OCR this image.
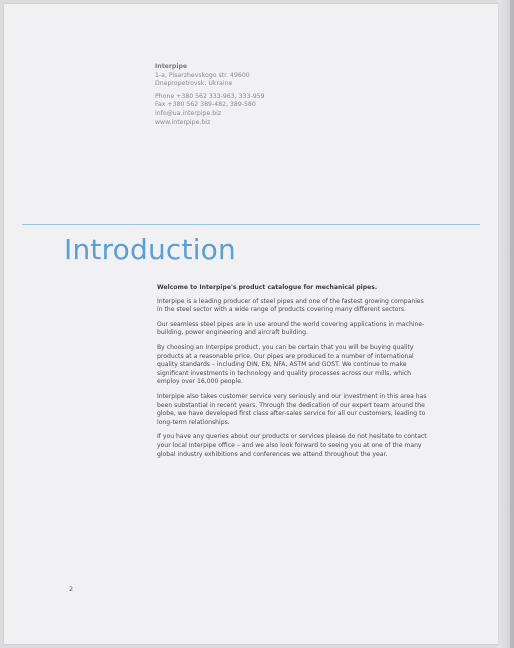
Interpipe
1-a, Pisarzhevskogo str. 49600
Dnepropetrovsk, Ukraine
Phone +380 562 333-963, 333-959
Fax +380 562 389-482, 389-580
info@ua.interpipe.biz
www.interpipe.biz
Introduction

Welcome to Interpipe's product catalogue for mechanical pipes.

Interpipe is a leading producer of steel pipes and one of the fastest growing companies in the steel sector with a wide range of products covering many different sectors.

Our seamless steel pipes are in use around the world covering applications in machine-building, power engineering and aircraft building.

By choosing an Interpipe product, you can be certain that you will be buying quality products at a reasonable price. Our pipes are produced to a number of international quality standards – including DIN, EN, NFA, ASTM and GOST. We continue to make significant investments in technology and quality processes across our mills, which employ over 16,000 people.

Interpipe also takes customer service very seriously and our investment in this area has been substantial in recent years. Through the dedication of our expert team around the globe, we have developed first class after-sales service for all our customers, leading to long-term relationships.

If you have any queries about our products or services please do not hesitate to contact your local Interpipe office – and we also look forward to seeing you at one of the many global industry exhibitions and conferences we attend throughout the year.

2
